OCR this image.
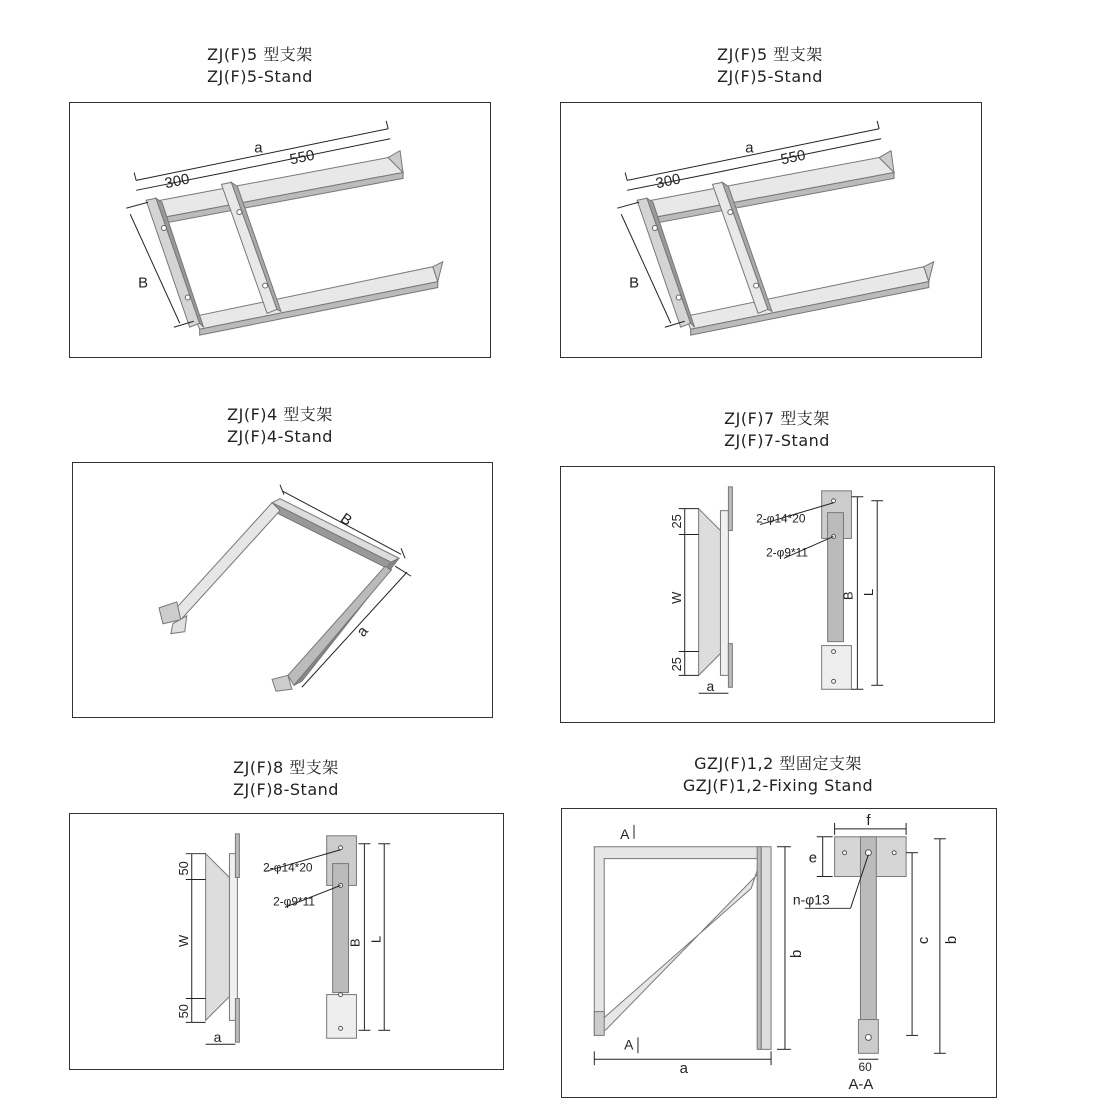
ZJ(F)5 型支架
ZJ(F)5-Stand
ZJ(F)5 型支架
ZJ(F)5-Stand
ZJ(F)4 型支架
ZJ(F)4-Stand
ZJ(F)7 型支架
ZJ(F)7-Stand
ZJ(F)8 型支架
ZJ(F)8-Stand
GZJ(F)1,2 型固定支架
GZJ(F)1,2-Fixing Stand
a
300
550
B
a
300
550
B
B
a
25
W
25
a
2-φ14*20
2-φ9*11
B L
50
W
50
a
2-φ14*20
2-φ9*11
B L
A
A
a
b
f
e
n-φ13
c b
60
A-A
